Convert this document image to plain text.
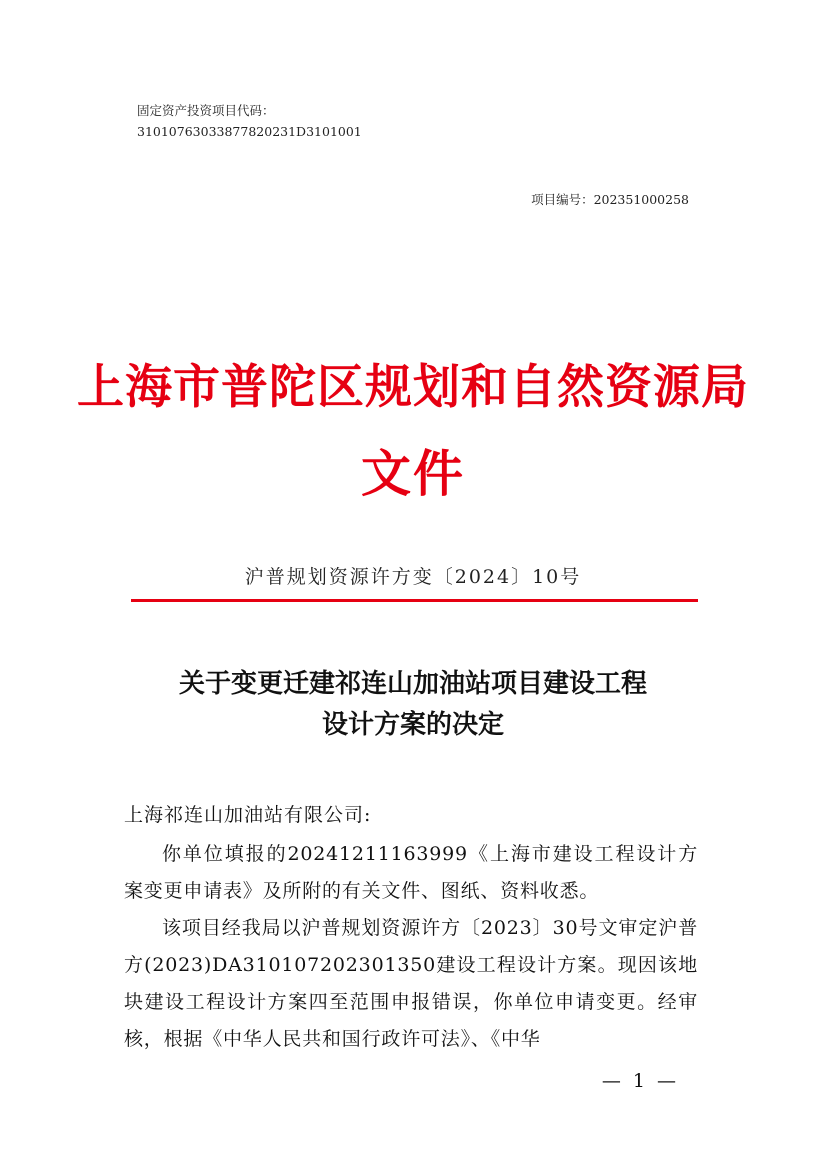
固定资产投资项目代码：
3101076303387782023​1D3101001
项目编号：202351000258
上海市普陀区规划和自然资源局
文件
沪普规划资源许方变〔2024〕10号
关于变更迁建祁连山加油站项目建设工程
设计方案的决定
上海祁连山加油站有限公司:

你单位填报的20241211163999《上海市建设工程设计方案变更申请表》及所附的有关文件、图纸、资料收悉。

该项目经我局以沪普规划资源许方〔2023〕30号文审定沪普方(2023)DA310107202301350建设工程设计方案。现因该地块建设工程设计方案四至范围申报错误，你单位申请变更。经审核，根据《中华人民共和国行政许可法》、《中华

— 1 —
